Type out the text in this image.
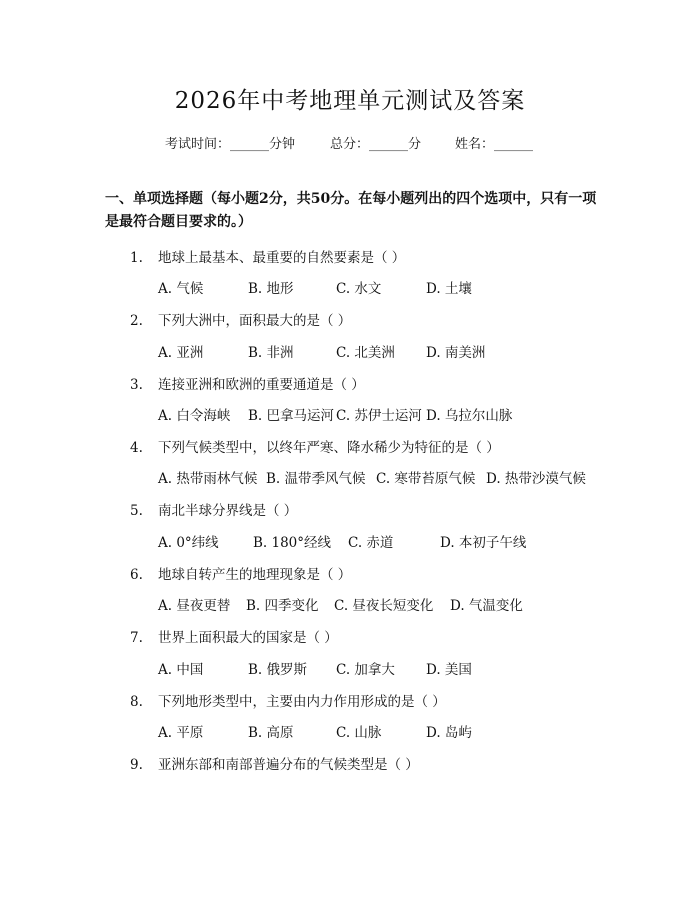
2026年中考地理单元测试及答案
考试时间：______分钟	总分：______分	姓名：______
一、单项选择题（每小题2分，共50分。在每小题列出的四个选项中，只有一项是最符合题目要求的。）
1. 地球上最基本、最重要的自然要素是（ ）
A. 气候	B. 地形	C. 水文	D. 土壤
2. 下列大洲中，面积最大的是（ ）
A. 亚洲	B. 非洲	C. 北美洲 D. 南美洲
3. 连接亚洲和欧洲的重要通道是（ ）
A. 白令海峡 B. 巴拿马运河 C. 苏伊士运河 D. 乌拉尔山脉
4. 下列气候类型中，以终年严寒、降水稀少为特征的是（ ）
A. 热带雨林气候 B. 温带季风气候 C. 寒带苔原气候 D. 热带沙漠气候
5. 南北半球分界线是（ ）
A. 0°纬线	B. 180°经线 C. 赤道	D. 本初子午线
6. 地球自转产生的地理现象是（ ）
A. 昼夜更替 B. 四季变化 C. 昼夜长短变化 D. 气温变化
7. 世界上面积最大的国家是（ ）
A. 中国	B. 俄罗斯 C. 加拿大 D. 美国
8. 下列地形类型中，主要由内力作用形成的是（ ）
A. 平原	B. 高原	C. 山脉	D. 岛屿
9. 亚洲东部和南部普遍分布的气候类型是（ ）
